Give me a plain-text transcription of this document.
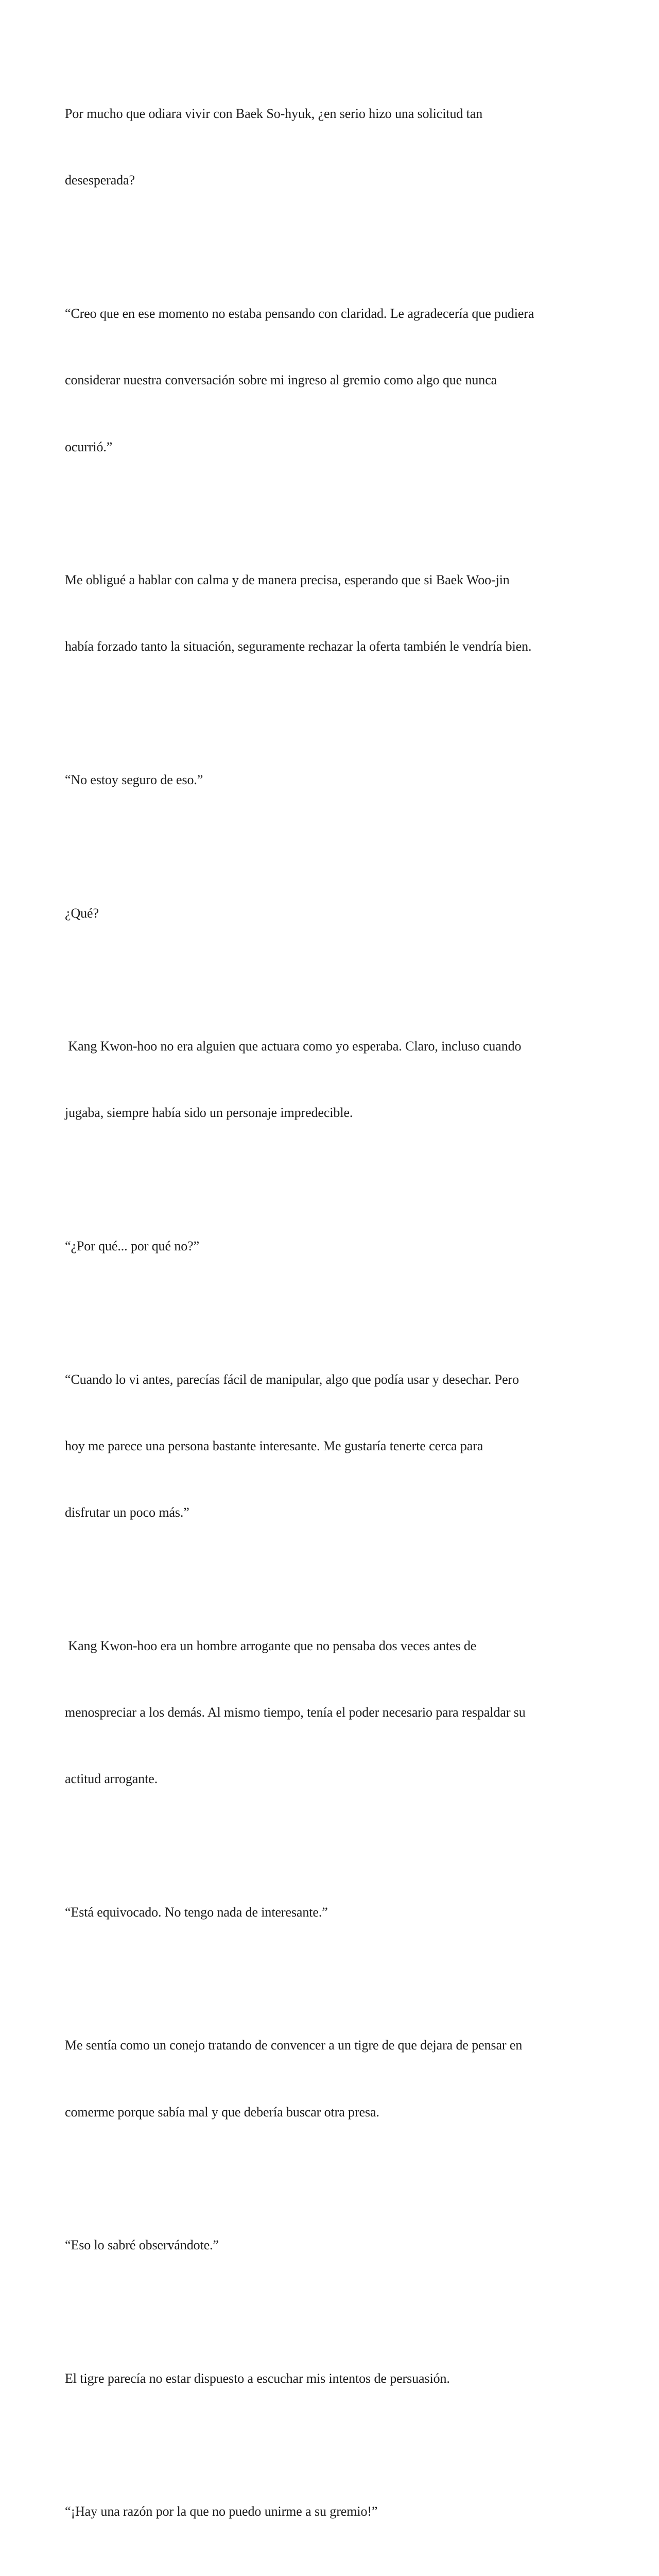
Por mucho que odiara vivir con Baek So-hyuk, ¿en serio hizo una solicitud tan

desesperada?

“Creo que en ese momento no estaba pensando con claridad. Le agradecería que pudiera

considerar nuestra conversación sobre mi ingreso al gremio como algo que nunca

ocurrió.”

Me obligué a hablar con calma y de manera precisa, esperando que si Baek Woo-jin

había forzado tanto la situación, seguramente rechazar la oferta también le vendría bien.

“No estoy seguro de eso.”

¿Qué?

Kang Kwon-hoo no era alguien que actuara como yo esperaba. Claro, incluso cuando

jugaba, siempre había sido un personaje impredecible.

“¿Por qué... por qué no?”

“Cuando lo vi antes, parecías fácil de manipular, algo que podía usar y desechar. Pero

hoy me parece una persona bastante interesante. Me gustaría tenerte cerca para

disfrutar un poco más.”

Kang Kwon-hoo era un hombre arrogante que no pensaba dos veces antes de

menospreciar a los demás. Al mismo tiempo, tenía el poder necesario para respaldar su

actitud arrogante.

“Está equivocado. No tengo nada de interesante.”

Me sentía como un conejo tratando de convencer a un tigre de que dejara de pensar en

comerme porque sabía mal y que debería buscar otra presa.

“Eso lo sabré observándote.”

El tigre parecía no estar dispuesto a escuchar mis intentos de persuasión.

“¡Hay una razón por la que no puedo unirme a su gremio!”
